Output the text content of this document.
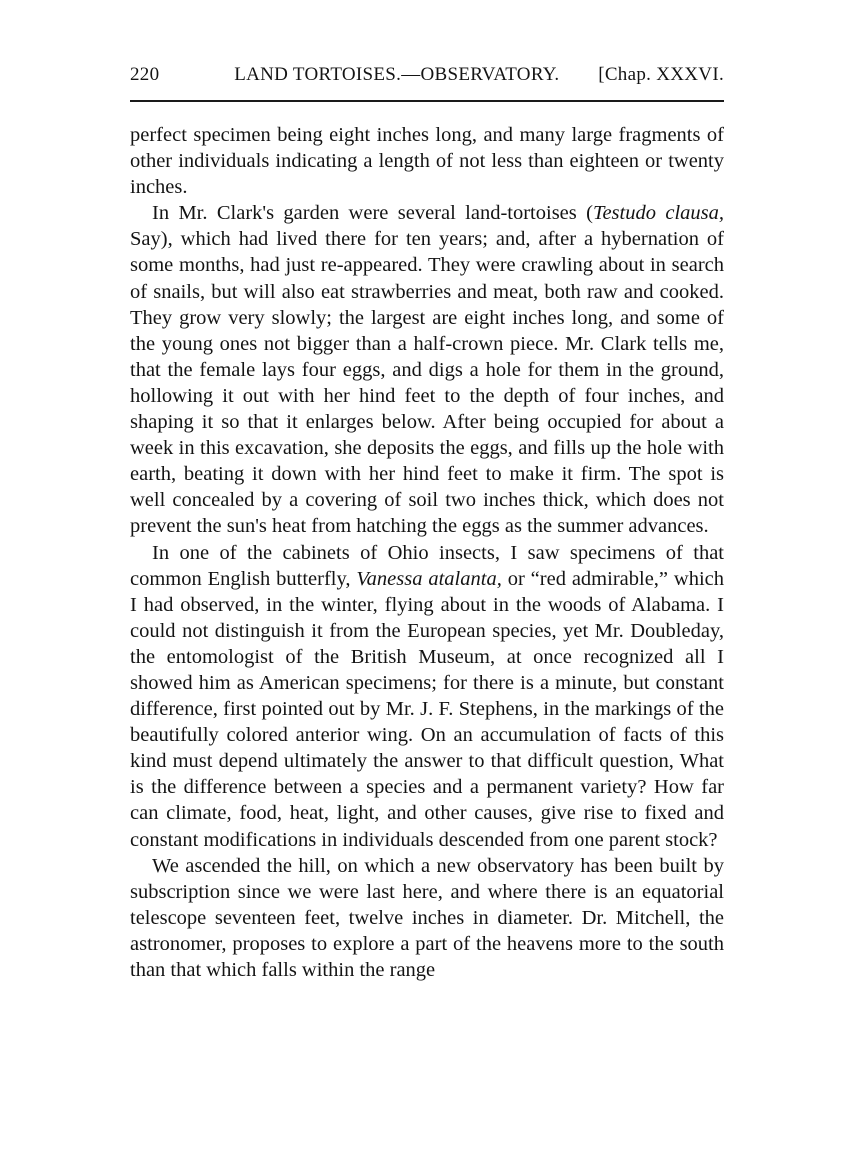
220	LAND TORTOISES.—OBSERVATORY.	[Chap. XXXVI.

perfect specimen being eight inches long, and many large fragments of other individuals indicating a length of not less than eighteen or twenty inches.

In Mr. Clark's garden were several land-tortoises (Testudo clausa, Say), which had lived there for ten years; and, after a hybernation of some months, had just re-appeared. They were crawling about in search of snails, but will also eat strawberries and meat, both raw and cooked. They grow very slowly; the largest are eight inches long, and some of the young ones not bigger than a half-crown piece. Mr. Clark tells me, that the female lays four eggs, and digs a hole for them in the ground, hollowing it out with her hind feet to the depth of four inches, and shaping it so that it enlarges below. After being occupied for about a week in this excavation, she deposits the eggs, and fills up the hole with earth, beating it down with her hind feet to make it firm. The spot is well concealed by a covering of soil two inches thick, which does not prevent the sun's heat from hatching the eggs as the summer advances.

In one of the cabinets of Ohio insects, I saw specimens of that common English butterfly, Vanessa atalanta, or “red admirable,” which I had observed, in the winter, flying about in the woods of Alabama. I could not distinguish it from the European species, yet Mr. Doubleday, the entomologist of the British Museum, at once recognized all I showed him as American specimens; for there is a minute, but constant difference, first pointed out by Mr. J. F. Stephens, in the markings of the beautifully colored anterior wing. On an accumulation of facts of this kind must depend ultimately the answer to that difficult question, What is the difference between a species and a permanent variety? How far can climate, food, heat, light, and other causes, give rise to fixed and constant modifications in individuals descended from one parent stock?

We ascended the hill, on which a new observatory has been built by subscription since we were last here, and where there is an equatorial telescope seventeen feet, twelve inches in diameter. Dr. Mitchell, the astronomer, proposes to explore a part of the heavens more to the south than that which falls within the range
